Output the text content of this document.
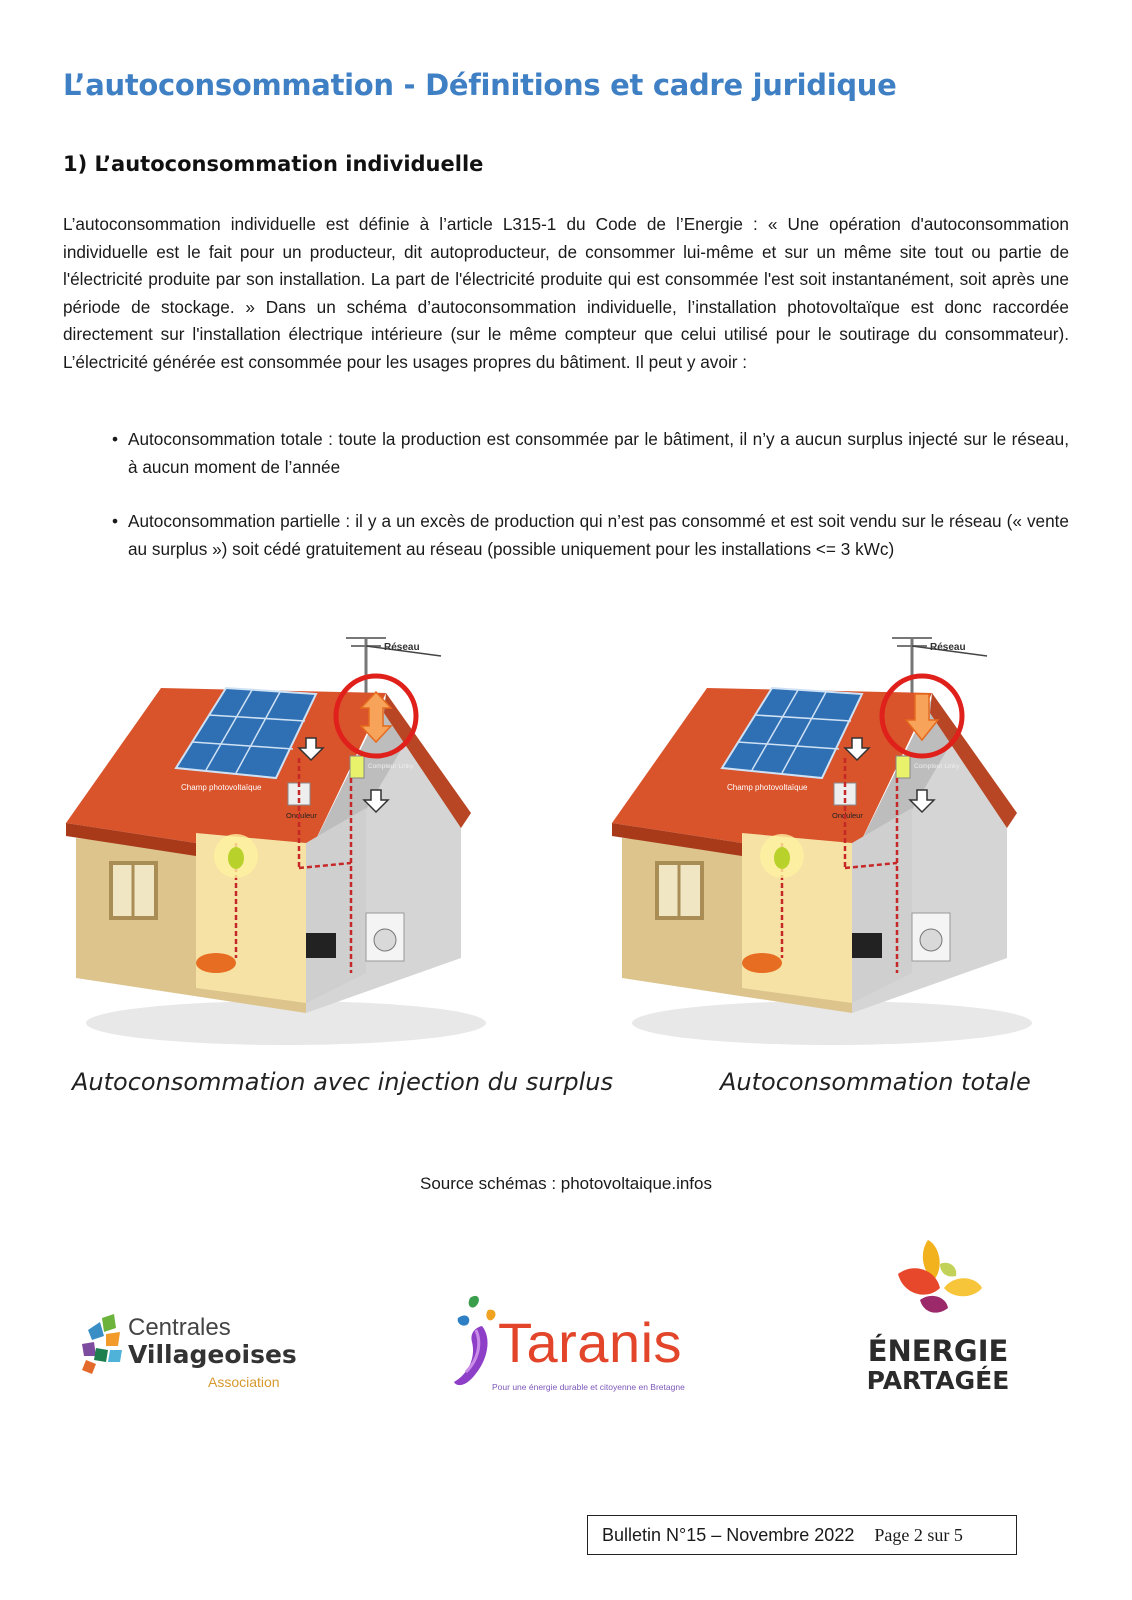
L’autoconsommation - Définitions et cadre juridique
1) L’autoconsommation individuelle

L’autoconsommation individuelle est définie à l’article L315-1 du Code de l’Energie : « Une opération d'autoconsommation individuelle est le fait pour un producteur, dit autoproducteur, de consommer lui-même et sur un même site tout ou partie de l'électricité produite par son installation. La part de l'électricité produite qui est consommée l'est soit instantanément, soit après une période de stockage. » Dans un schéma d’autoconsommation individuelle, l’installation photovoltaïque est donc raccordée directement sur l'installation électrique intérieure (sur le même compteur que celui utilisé pour le soutirage du consommateur). L’électricité générée est consommée pour les usages propres du bâtiment. Il peut y avoir :

• Autoconsommation totale : toute la production est consommée par le bâtiment, il n’y a aucun surplus injecté sur le réseau, à aucun moment de l’année
• Autoconsommation partielle : il y a un excès de production qui n’est pas consommé et est soit vendu sur le réseau (« vente au surplus ») soit cédé gratuitement au réseau (possible uniquement pour les installations <= 3 kWc)
Réseau
Champ photovoltaïque
Onduleur
Compteur Linky
Réseau
Champ photovoltaïque
Onduleur
Compteur Linky

Autoconsommation avec injection du surplus	Autoconsommation totale

Source schémas : photovoltaique.infos

Centrales
Villageoises
Association
Taranis
Pour une énergie durable et citoyenne en Bretagne
ÉNERGIE
PARTAGÉE
Bulletin N°15 – Novembre 2022 Page 2 sur 5
